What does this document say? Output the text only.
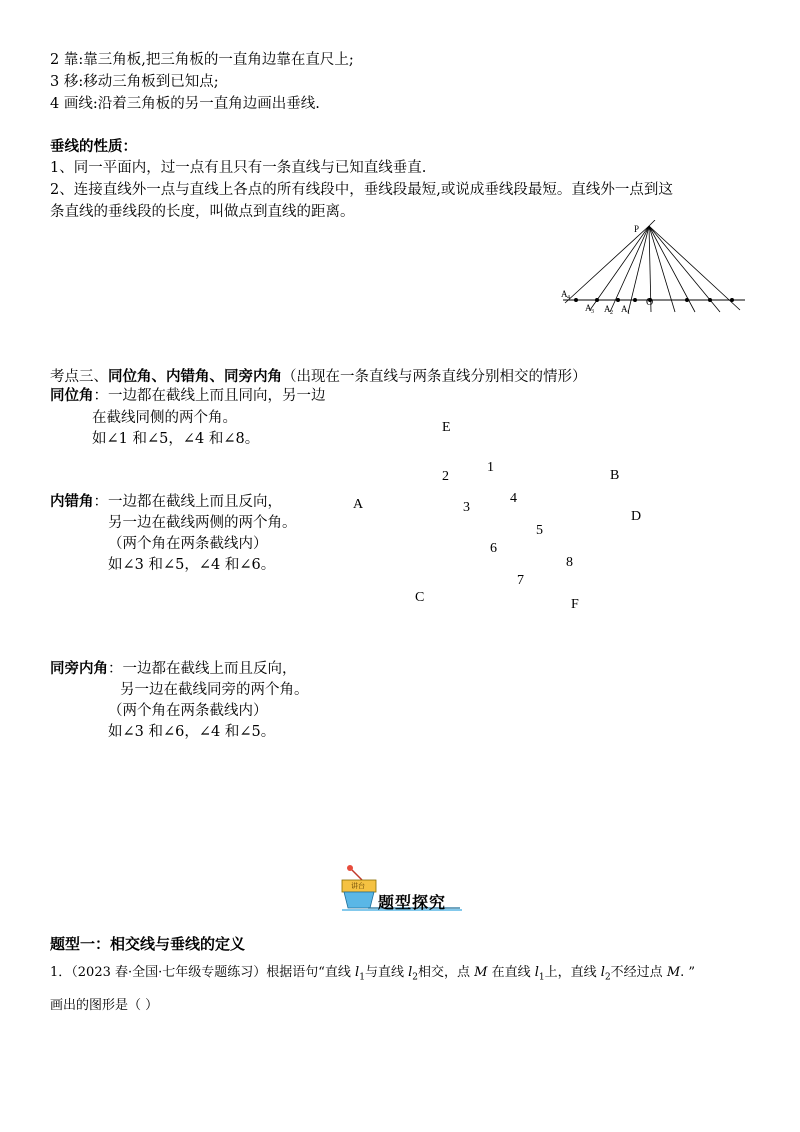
2 靠:靠三角板,把三角板的一直角边靠在直尺上;
3 移:移动三角板到已知点;
4 画线:沿着三角板的另一直角边画出垂线.
垂线的性质：
1、同一平面内，过一点有且只有一条直线与已知直线垂直.
2、连接直线外一点与直线上各点的所有线段中，垂线段最短,或说成垂线段最短。直线外一点到这
条直线的垂线段的长度，叫做点到直线的距离。
P
A 4
A 3 A 2 A 1
O
考点三、同位角、内错角、同旁内角（出现在一条直线与两条直线分别相交的情形）
同位角：一边都在截线上而且同向，另一边
在截线同侧的两个角。
如∠1 和∠5，∠4 和∠8。
内错角：一边都在截线上而且反向，
另一边在截线两侧的两个角。
（两个角在两条截线内）
如∠3 和∠5，∠4 和∠6。
E
1
2	B
4
A	3
D
5
6
8
7
C	F
同旁内角：一边都在截线上而且反向，
另一边在截线同旁的两个角。
（两个角在两条截线内）
如∠3 和∠6，∠4 和∠5。
讲台
题型探究
题型一：相交线与垂线的定义
1．（2023 春·全国·七年级专题练习）根据语句“直线 $l_1$与直线 $l_2$相交，点 M 在直线 $l_1$上，直线 $l_2$不经过点 M. ”
画出的图形是（ ）
